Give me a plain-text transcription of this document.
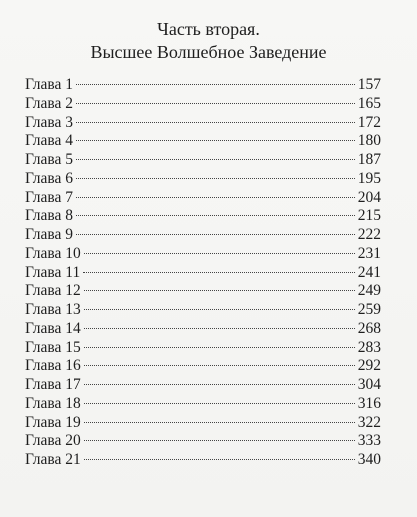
Часть вторая.
Высшее Волшебное Заведение
Глава 1	157
Глава 2	165
Глава 3	172
Глава 4	180
Глава 5	187
Глава 6	195
Глава 7	204
Глава 8	215
Глава 9	222
Глава 10	231
Глава 11	241
Глава 12	249
Глава 13	259
Глава 14	268
Глава 15	283
Глава 16	292
Глава 17	304
Глава 18	316
Глава 19	322
Глава 20	333
Глава 21	340
